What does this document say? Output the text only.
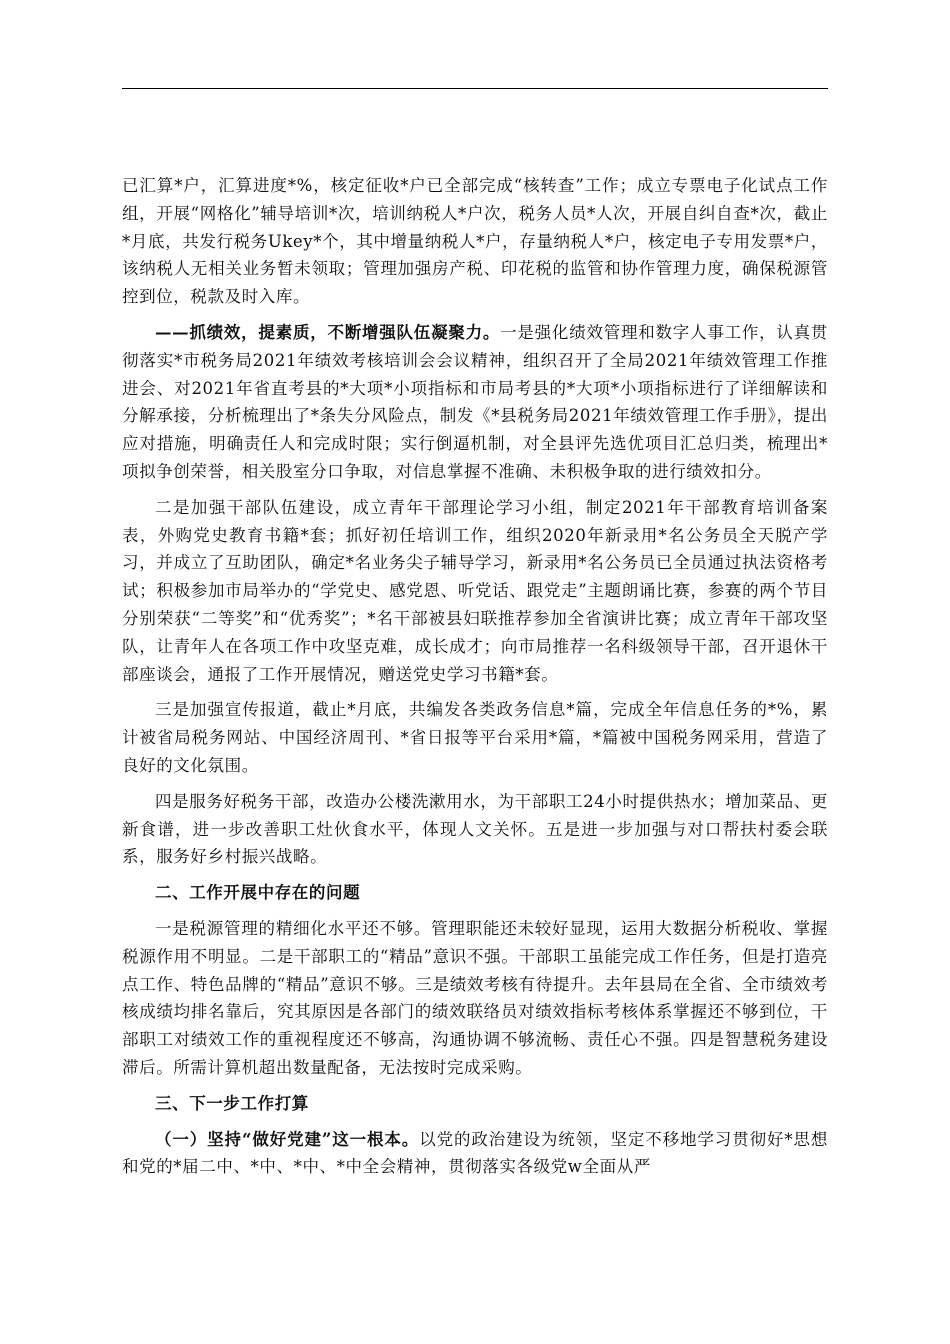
已汇算*户，汇算进度*%，核定征收*户已全部完成“核转查”工作；成立专票电子化试点工作组，开展“网格化”辅导培训*次，培训纳税人*户次，税务人员*人次，开展自纠自查*次，截止*月底，共发行税务Ukey*个，其中增量纳税人*户，存量纳税人*户，核定电子专用发票*户，该纳税人无相关业务暂未领取；管理加强房产税、印花税的监管和协作管理力度，确保税源管控到位，税款及时入库。

——抓绩效，提素质，不断增强队伍凝聚力。一是强化绩效管理和数字人事工作，认真贯彻落实*市税务局2021年绩效考核培训会会议精神，组织召开了全局2021年绩效管理工作推进会、对2021年省直考县的*大项*小项指标和市局考县的*大项*小项指标进行了详细解读和分解承接，分析梳理出了*条失分风险点，制发《*县税务局2021年绩效管理工作手册》，提出应对措施，明确责任人和完成时限；实行倒逼机制，对全县评先选优项目汇总归类，梳理出*项拟争创荣誉，相关股室分口争取，对信息掌握不准确、未积极争取的进行绩效扣分。

二是加强干部队伍建设，成立青年干部理论学习小组，制定2021年干部教育培训备案表，外购党史教育书籍*套；抓好初任培训工作，组织2020年新录用*名公务员全天脱产学习，并成立了互助团队，确定*名业务尖子辅导学习，新录用*名公务员已全员通过执法资格考试；积极参加市局举办的“学党史、感党恩、听党话、跟党走”主题朗诵比赛，参赛的两个节目分别荣获“二等奖”和“优秀奖”；*名干部被县妇联推荐参加全省演讲比赛；成立青年干部攻坚队，让青年人在各项工作中攻坚克难，成长成才；向市局推荐一名科级领导干部，召开退休干部座谈会，通报了工作开展情况，赠送党史学习书籍*套。

三是加强宣传报道，截止*月底，共编发各类政务信息*篇，完成全年信息任务的*%，累计被省局税务网站、中国经济周刊、*省日报等平台采用*篇，*篇被中国税务网采用，营造了良好的文化氛围。

四是服务好税务干部，改造办公楼洗漱用水，为干部职工24小时提供热水；增加菜品、更新食谱，进一步改善职工灶伙食水平，体现人文关怀。五是进一步加强与对口帮扶村委会联系，服务好乡村振兴战略。

二、工作开展中存在的问题

一是税源管理的精细化水平还不够。管理职能还未较好显现，运用大数据分析税收、掌握税源作用不明显。二是干部职工的“精品”意识不强。干部职工虽能完成工作任务，但是打造亮点工作、特色品牌的“精品”意识不够。三是绩效考核有待提升。去年县局在全省、全市绩效考核成绩均排名靠后，究其原因是各部门的绩效联络员对绩效指标考核体系掌握还不够到位，干部职工对绩效工作的重视程度还不够高，沟通协调不够流畅、责任心不强。四是智慧税务建设滞后。所需计算机超出数量配备，无法按时完成采购。

三、下一步工作打算

（一）坚持“做好党建”这一根本。以党的政治建设为统领，坚定不移地学习贯彻好*思想和党的*届二中、*中、*中、*中全会精神，贯彻落实各级党w全面从严
